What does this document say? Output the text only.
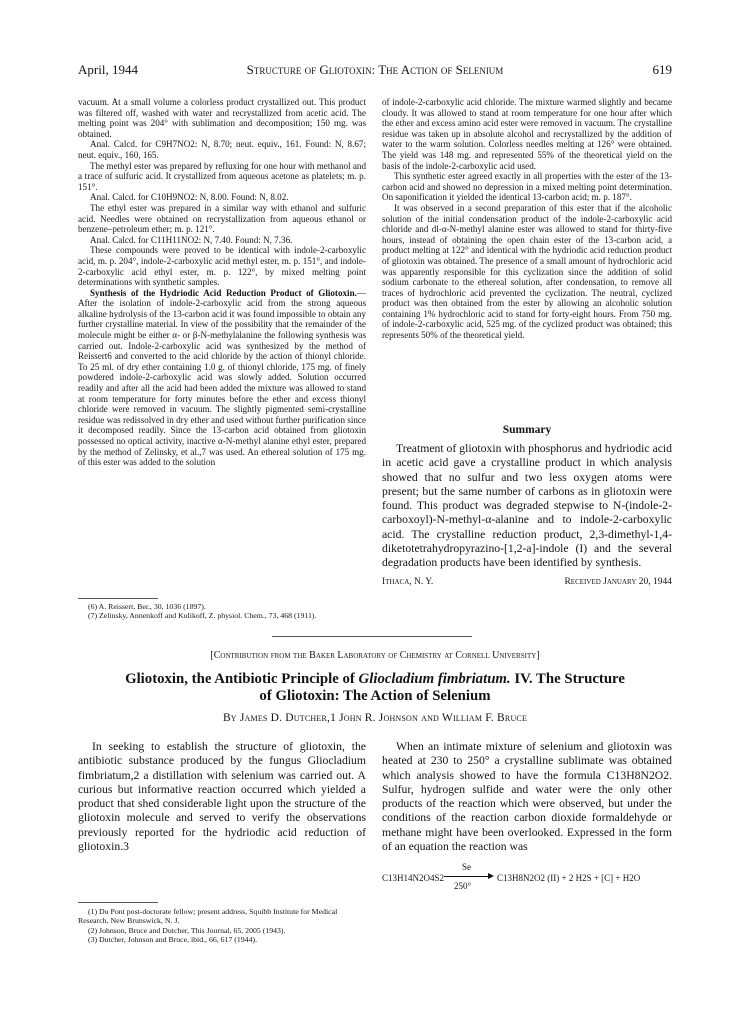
April, 1944	Structure of Gliotoxin: The Action of Selenium	619

vacuum. At a small volume a colorless product crystallized out. This product was filtered off, washed with water and recrystallized from acetic acid. The melting point was 204° with sublimation and decomposition; 150 mg. was obtained.

Anal. Calcd. for C9H7NO2: N, 8.70; neut. equiv., 161. Found: N, 8.67; neut. equiv., 160, 165.

The methyl ester was prepared by refluxing for one hour with methanol and a trace of sulfuric acid. It crystallized from aqueous acetone as platelets; m. p. 151°.

Anal. Calcd. for C10H9NO2: N, 8.00. Found: N, 8.02.

The ethyl ester was prepared in a similar way with ethanol and sulfuric acid. Needles were obtained on recrystallization from aqueous ethanol or benzene–petroleum ether; m. p. 121°.

Anal. Calcd. for C11H11NO2: N, 7.40. Found: N, 7.36.

These compounds were proved to be identical with indole-2-carboxylic acid, m. p. 204°, indole-2-carboxylic acid methyl ester, m. p. 151°, and indole-2-carboxylic acid ethyl ester, m. p. 122°, by mixed melting point determinations with synthetic samples.

Synthesis of the Hydriodic Acid Reduction Product of Gliotoxin.—After the isolation of indole-2-carboxylic acid from the strong aqueous alkaline hydrolysis of the 13-carbon acid it was found impossible to obtain any further crystalline material. In view of the possibility that the remainder of the molecule might be either α- or β-N-methylalanine the following synthesis was carried out. Indole-2-carboxylic acid was synthesized by the method of Reissert6 and converted to the acid chloride by the action of thionyl chloride. To 25 ml. of dry ether containing 1.0 g. of thionyl chloride, 175 mg. of finely powdered indole-2-carboxylic acid was slowly added. Solution occurred readily and after all the acid had been added the mixture was allowed to stand at room temperature for forty minutes before the ether and excess thionyl chloride were removed in vacuum. The slightly pigmented semi-crystalline residue was redissolved in dry ether and used without further purification since it decomposed readily. Since the 13-carbon acid obtained from gliotoxin possessed no optical activity, inactive α-N-methyl alanine ethyl ester, prepared by the method of Zelinsky, et al.,7 was used. An ethereal solution of 175 mg. of this ester was added to the solution

(6) A. Reissert, Ber., 30, 1036 (1897).

(7) Zelinsky, Annenkoff and Kulikoff, Z. physiol. Chem., 73, 468 (1911).

of indole-2-carboxylic acid chloride. The mixture warmed slightly and became cloudy. It was allowed to stand at room temperature for one hour after which the ether and excess amino acid ester were removed in vacuum. The crystalline residue was taken up in absolute alcohol and recrystallized by the addition of water to the warm solution. Colorless needles melting at 126° were obtained. The yield was 148 mg. and represented 55% of the theoretical yield on the basis of the indole-2-carboxylic acid used.

This synthetic ester agreed exactly in all properties with the ester of the 13-carbon acid and showed no depression in a mixed melting point determination. On saponification it yielded the identical 13-carbon acid; m. p. 187°.

It was observed in a second preparation of this ester that if the alcoholic solution of the initial condensation product of the indole-2-carboxylic acid chloride and dl-α-N-methyl alanine ester was allowed to stand for thirty-five hours, instead of obtaining the open chain ester of the 13-carbon acid, a product melting at 122° and identical with the hydriodic acid reduction product of gliotoxin was obtained. The presence of a small amount of hydrochloric acid was apparently responsible for this cyclization since the addition of solid sodium carbonate to the ethereal solution, after condensation, to remove all traces of hydrochloric acid prevented the cyclization. The neutral, cyclized product was then obtained from the ester by allowing an alcoholic solution containing 1% hydrochloric acid to stand for forty-eight hours. From 750 mg. of indole-2-carboxylic acid, 525 mg. of the cyclized product was obtained; this represents 50% of the theoretical yield.

Summary

Treatment of gliotoxin with phosphorus and hydriodic acid in acetic acid gave a crystalline product in which analysis showed that no sulfur and two less oxygen atoms were present; but the same number of carbons as in gliotoxin were found. This product was degraded stepwise to N-(indole-2-carboxoyl)-N-methyl-α-alanine and to indole-2-carboxylic acid. The crystalline reduction product, 2,3-dimethyl-1,4-diketotetrahydropyrazino-[1,2-a]-indole (I) and the several degradation products have been identified by synthesis.

Ithaca, N. Y.	Received January 20, 1944
[Contribution from the Baker Laboratory of Chemistry at Cornell University]
Gliotoxin, the Antibiotic Principle of Gliocladium fimbriatum. IV. The Structure
of Gliotoxin: The Action of Selenium
By James D. Dutcher,1 John R. Johnson and William F. Bruce

In seeking to establish the structure of gliotoxin, the antibiotic substance produced by the fungus Gliocladium fimbriatum,2 a distillation with selenium was carried out. A curious but informative reaction occurred which yielded a product that shed considerable light upon the structure of the gliotoxin molecule and served to verify the observations previously reported for the hydriodic acid reduction of gliotoxin.3

(1) Du Pont post-doctorate fellow; present address, Squibb Institute for Medical Research, New Brunswick, N. J.

(2) Johnson, Bruce and Dutcher, This Journal, 65, 2005 (1943).

(3) Dutcher, Johnson and Bruce, ibid., 66, 617 (1944).

When an intimate mixture of selenium and gliotoxin was heated at 230 to 250° a crystalline sublimate was obtained which analysis showed to have the formula C13H8N2O2. Sulfur, hydrogen sulfide and water were the only other products of the reaction which were observed, but under the conditions of the reaction carbon dioxide formaldehyde or methane might have been overlooked. Expressed in the form of an equation the reaction was

C13H14N2O4S2
Se
250°
C13H8N2O2 (II) + 2 H2S + [C] + H2O
